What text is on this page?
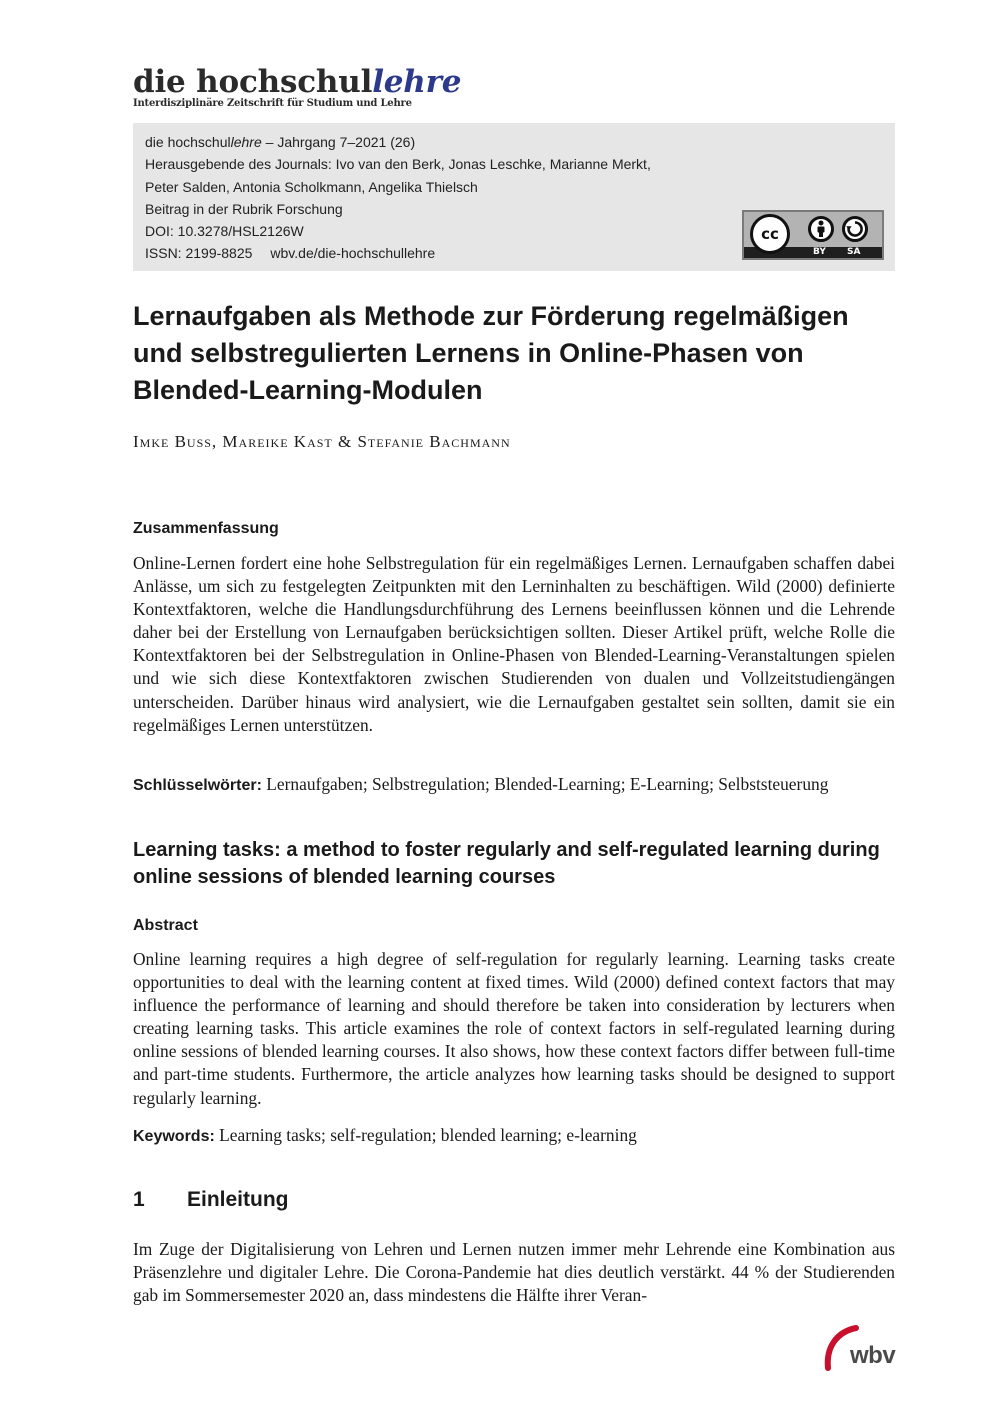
die hochschullehre
Interdisziplinäre Zeitschrift für Studium und Lehre
die hochschullehre – Jahrgang 7–2021 (26)
Herausgebende des Journals: Ivo van den Berk, Jonas Leschke, Marianne Merkt,
Peter Salden, Antonia Scholkmann, Angelika Thielsch
Beitrag in der Rubrik Forschung
DOI: 10.3278/HSL2126W
ISSN: 2199-8825 wbv.de/die-hochschullehre
cc
BY SA
Lernaufgaben als Methode zur Förderung regelmäßigen und selbstregulierten Lernens in Online-Phasen von Blended-Learning-Modulen
Imke Buss, Mareike Kast & Stefanie Bachmann
Zusammenfassung

Online-Lernen fordert eine hohe Selbstregulation für ein regelmäßiges Lernen. Lernaufgaben schaffen dabei Anlässe, um sich zu festgelegten Zeitpunkten mit den Lerninhalten zu beschäftigen. Wild (2000) definierte Kontextfaktoren, welche die Handlungsdurchführung des Lernens beeinflussen können und die Lehrende daher bei der Erstellung von Lernaufgaben berücksichtigen sollten. Dieser Artikel prüft, welche Rolle die Kontextfaktoren bei der Selbstregulation in Online-Phasen von Blended-Learning-Veranstaltungen spielen und wie sich diese Kontextfaktoren zwischen Studierenden von dualen und Vollzeitstudiengängen unterscheiden. Darüber hinaus wird analysiert, wie die Lernaufgaben gestaltet sein sollten, damit sie ein regelmäßiges Lernen unterstützen.

Schlüsselwörter: Lernaufgaben; Selbstregulation; Blended-Learning; E-Learning; Selbststeuerung

Learning tasks: a method to foster regularly and self-regulated learning during online sessions of blended learning courses
Abstract

Online learning requires a high degree of self-regulation for regularly learning. Learning tasks create opportunities to deal with the learning content at fixed times. Wild (2000) defined context factors that may influence the performance of learning and should therefore be taken into consideration by lecturers when creating learning tasks. This article examines the role of context factors in self-regulated learning during online sessions of blended learning courses. It also shows, how these context factors differ between full-time and part-time students. Furthermore, the article analyzes how learning tasks should be designed to support regularly learning.

Keywords: Learning tasks; self-regulation; blended learning; e-learning

1 Einleitung

Im Zuge der Digitalisierung von Lehren und Lernen nutzen immer mehr Lehrende eine Kombination aus Präsenzlehre und digitaler Lehre. Die Corona-Pandemie hat dies deutlich verstärkt. 44 % der Studierenden gab im Sommersemester 2020 an, dass mindestens die Hälfte ihrer Veran-

wbv
